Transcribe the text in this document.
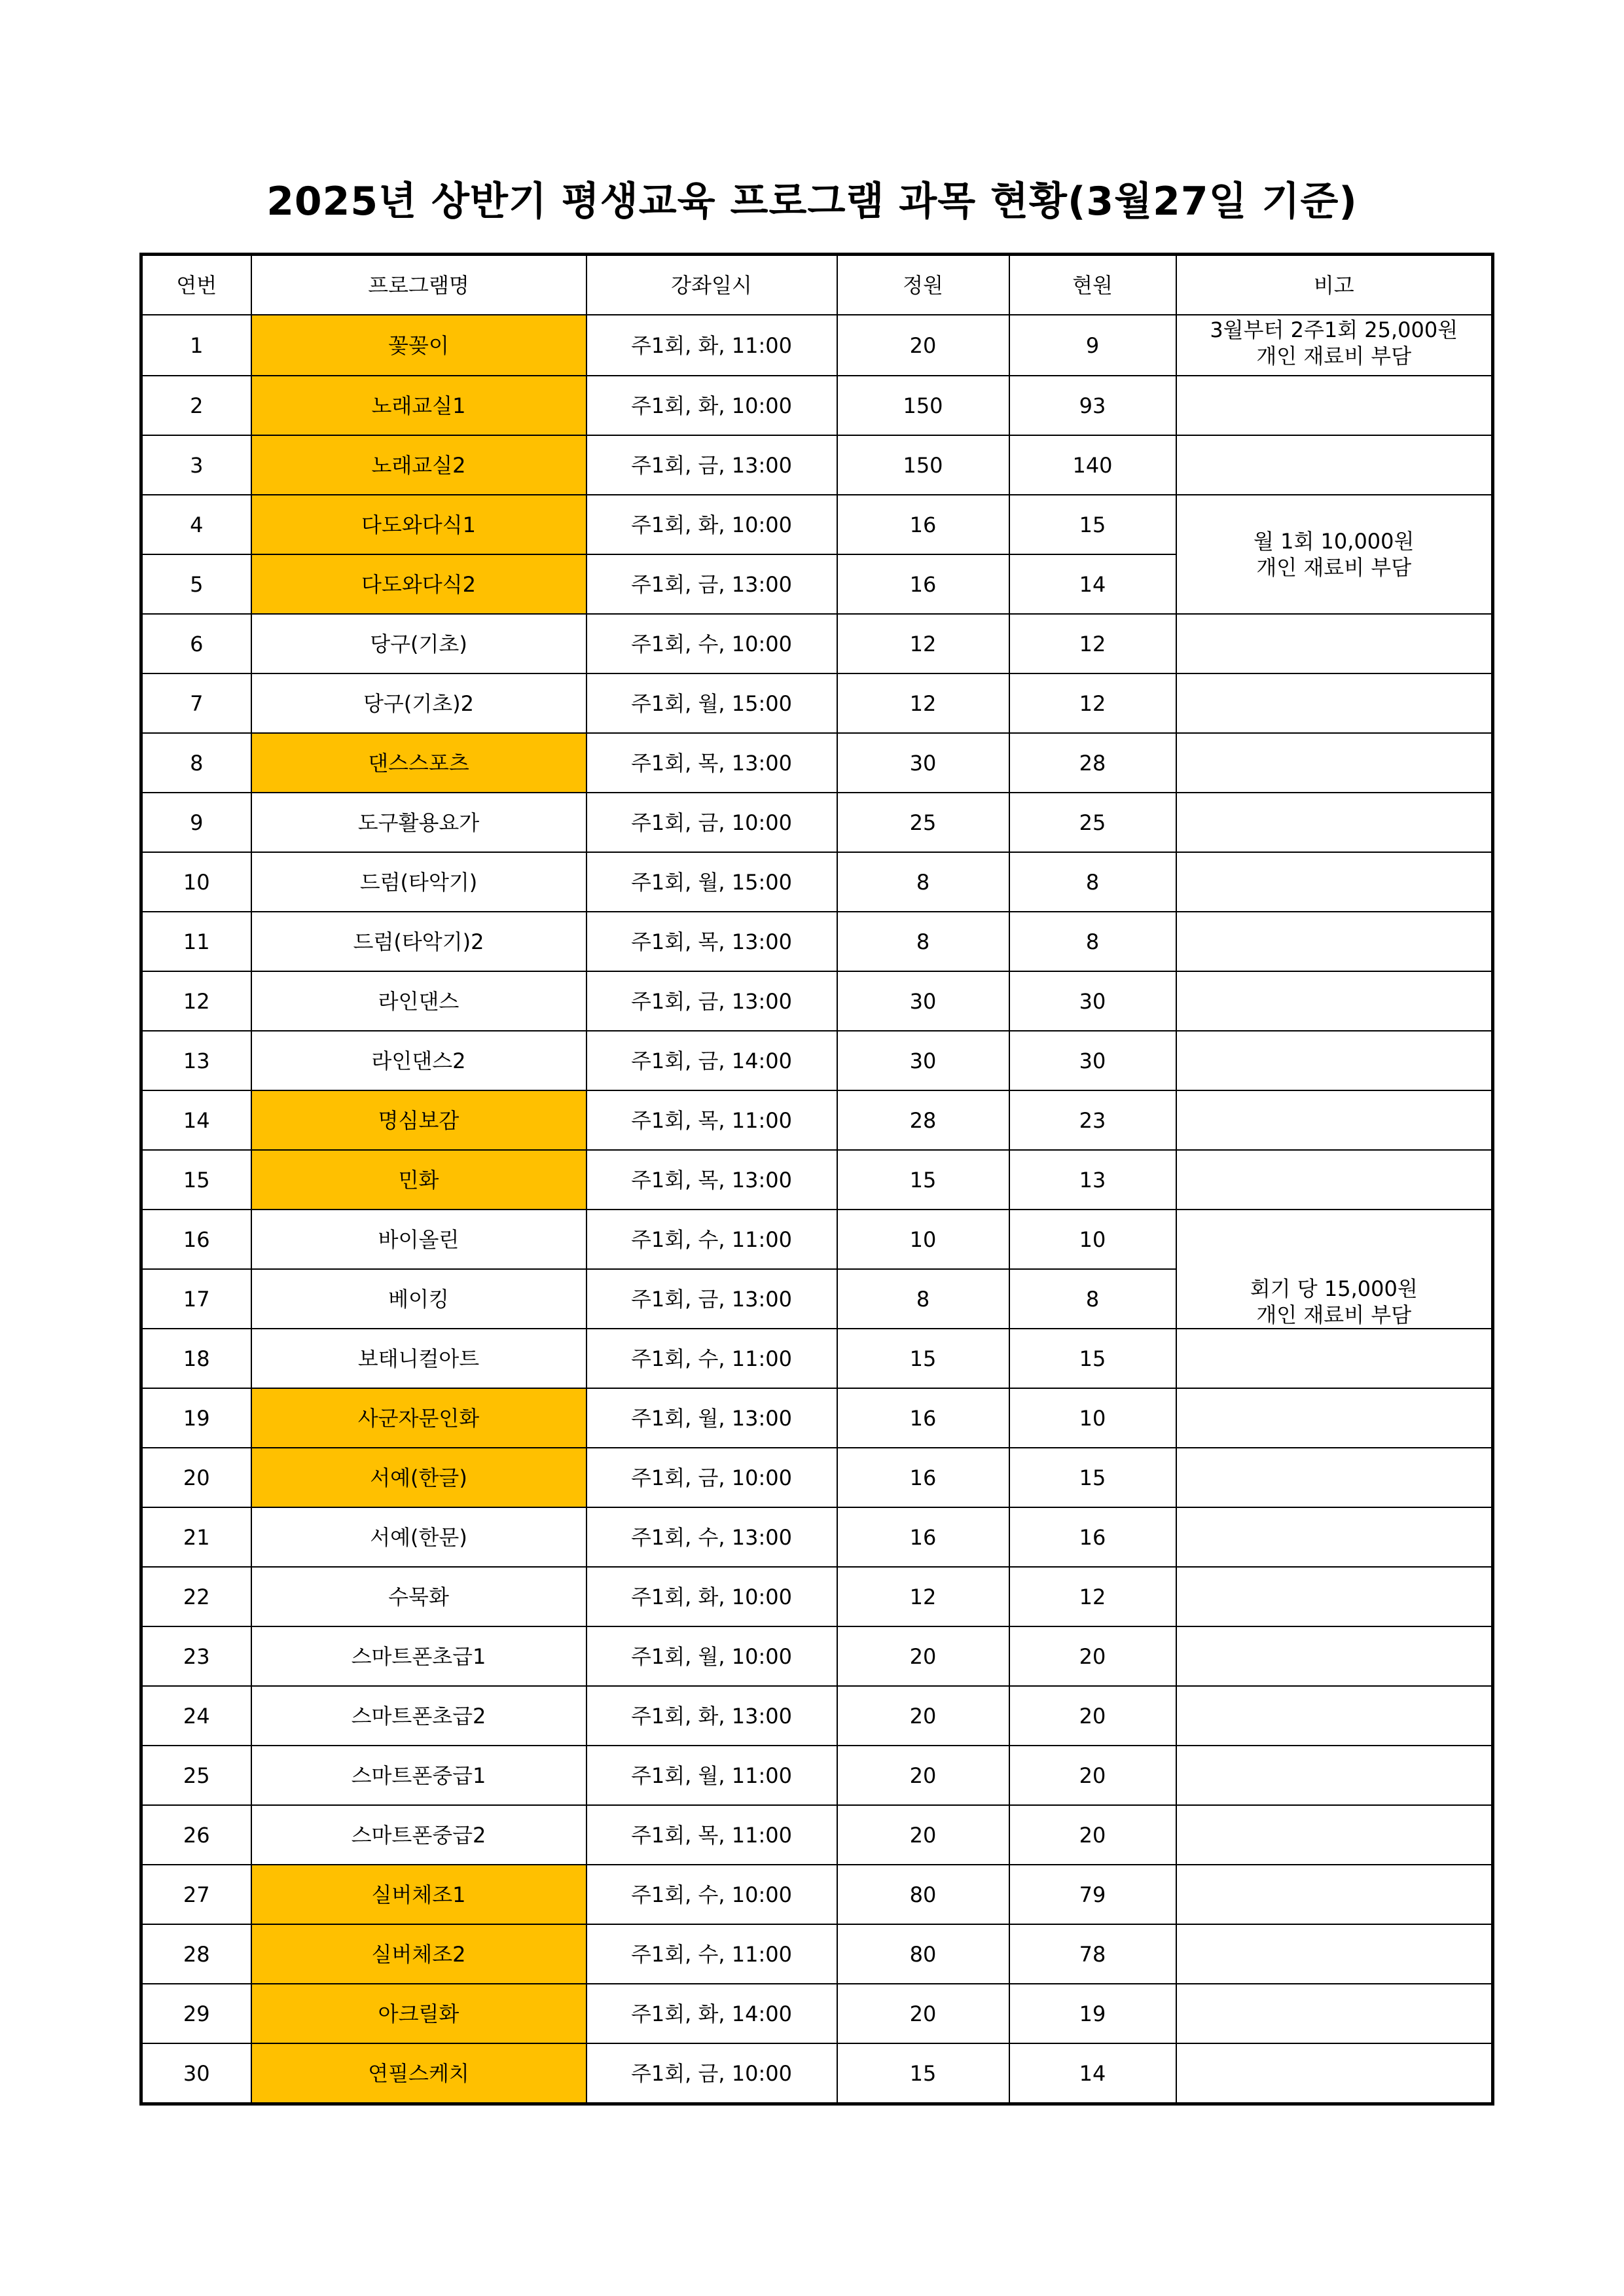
2025년 상반기 평생교육 프로그램 과목 현황(3월27일 기준)
연번	프로그램명	강좌일시	정원	현원	비고
1	꽃꽂이	주1회, 화, 11:00	20	9	3월부터 2주1회 25,000원
개인 재료비 부담

2	노래교실1	주1회, 화, 10:00	150	93	
3	노래교실2	주1회, 금, 13:00	150	140	
4	다도와다식1	주1회, 화, 10:00	16	15	월 1회 10,000원
개인 재료비 부담

5	다도와다식2	주1회, 금, 13:00	16	14	
6	당구(기초)	주1회, 수, 10:00	12	12	
7	당구(기초)2	주1회, 월, 15:00	12	12	
8	댄스스포츠	주1회, 목, 13:00	30	28	
9	도구활용요가	주1회, 금, 10:00	25	25	
10	드럼(타악기)	주1회, 월, 15:00	8	8	
11	드럼(타악기)2	주1회, 목, 13:00	8	8	
12	라인댄스	주1회, 금, 13:00	30	30	
13	라인댄스2	주1회, 금, 14:00	30	30	
14	명심보감	주1회, 목, 11:00	28	23	
15	민화	주1회, 목, 13:00	15	13	
16	바이올린	주1회, 수, 11:00	10	10	회기 당 15,000원
개인 재료비 부담

17	베이킹	주1회, 금, 13:00	8	8	
18	보태니컬아트	주1회, 수, 11:00	15	15	
19	사군자문인화	주1회, 월, 13:00	16	10	
20	서예(한글)	주1회, 금, 10:00	16	15	
21	서예(한문)	주1회, 수, 13:00	16	16	
22	수묵화	주1회, 화, 10:00	12	12	
23	스마트폰초급1	주1회, 월, 10:00	20	20	
24	스마트폰초급2	주1회, 화, 13:00	20	20	
25	스마트폰중급1	주1회, 월, 11:00	20	20	
26	스마트폰중급2	주1회, 목, 11:00	20	20	
27	실버체조1	주1회, 수, 10:00	80	79	
28	실버체조2	주1회, 수, 11:00	80	78	
29	아크릴화	주1회, 화, 14:00	20	19	
30	연필스케치	주1회, 금, 10:00	15	14	
